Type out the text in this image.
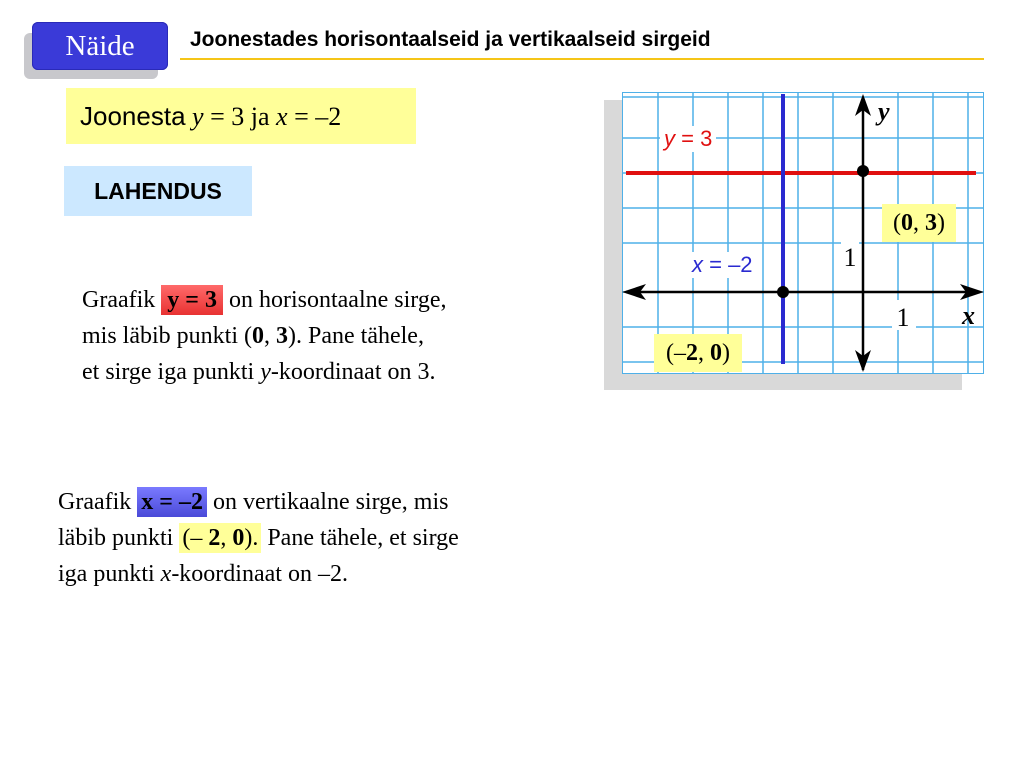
Näide	Joonestades horisontaalseid ja vertikaalseid sirgeid
Joonesta y = 3 ja x = –2
LAHENDUS

Graafik y = 3 on horisontaalne sirge,

mis läbib punkti (0, 3). Pane tähele,

et sirge iga punkti y-koordinaat on 3.

Graafik x = –2 on vertikaalne sirge, mis

läbib punkti (– 2, 0). Pane tähele, et sirge

iga punkti x-koordinaat on –2.

1
1
y
x
y = 3
x = –2
(0, 3)
(–2, 0)
